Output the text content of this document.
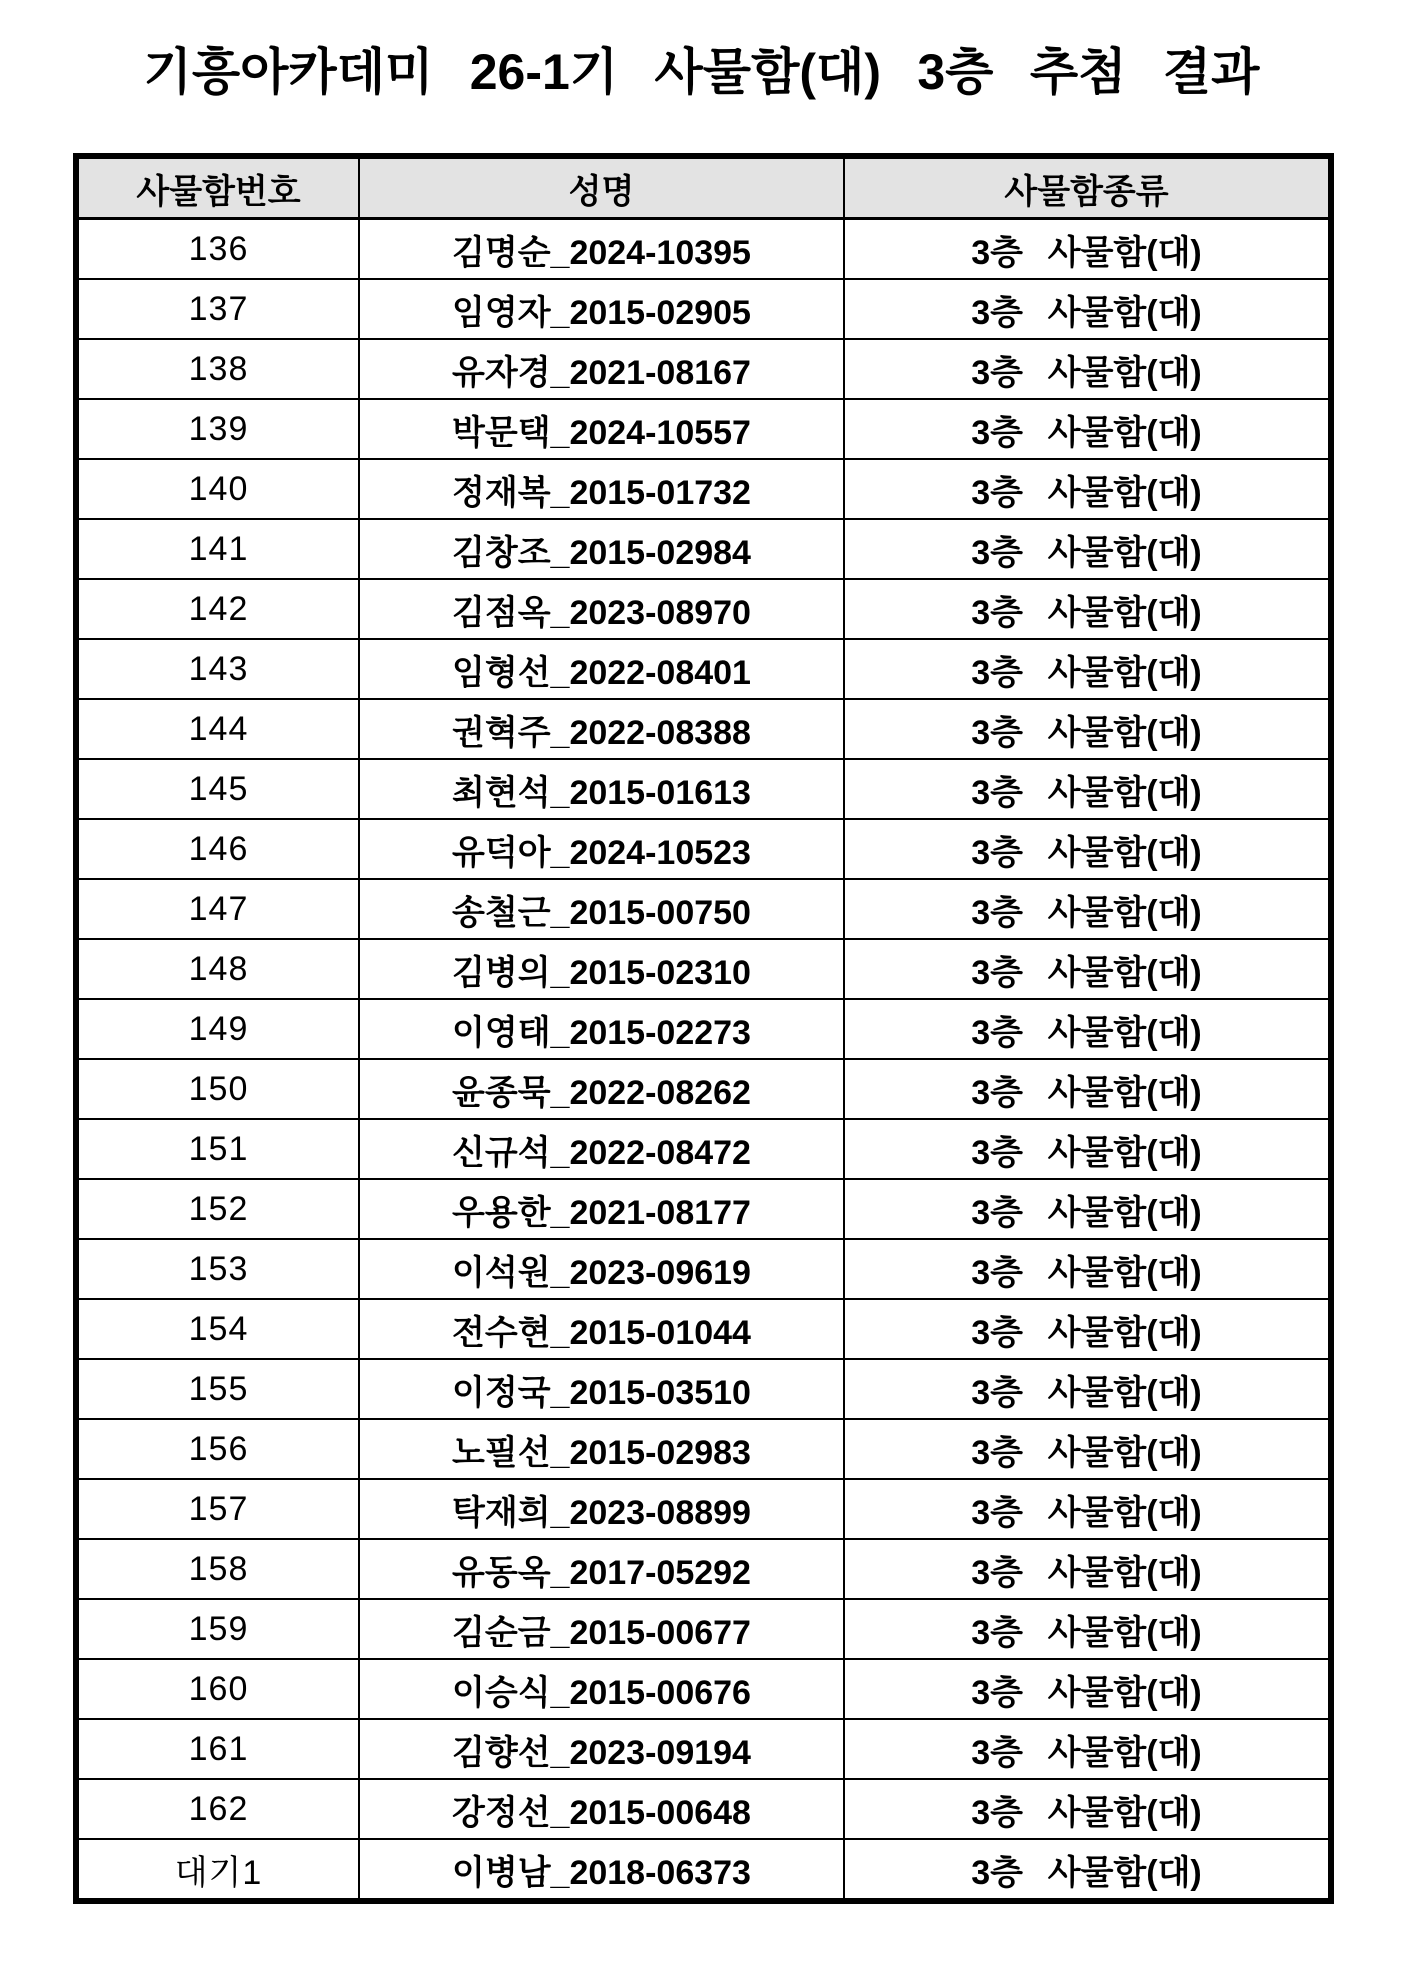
기흥아카데미 26-1기 사물함(대) 3층 추첨 결과
사물함번호	성명	사물함종류
136	김명순_2024-10395	3층 사물함(대)
137	임영자_2015-02905	3층 사물함(대)
138	유자경_2021-08167	3층 사물함(대)
139	박문택_2024-10557	3층 사물함(대)
140	정재복_2015-01732	3층 사물함(대)
141	김창조_2015-02984	3층 사물함(대)
142	김점옥_2023-08970	3층 사물함(대)
143	임형선_2022-08401	3층 사물함(대)
144	권혁주_2022-08388	3층 사물함(대)
145	최현석_2015-01613	3층 사물함(대)
146	유덕아_2024-10523	3층 사물함(대)
147	송철근_2015-00750	3층 사물함(대)
148	김병의_2015-02310	3층 사물함(대)
149	이영태_2015-02273	3층 사물함(대)
150	윤종묵_2022-08262	3층 사물함(대)
151	신규석_2022-08472	3층 사물함(대)
152	우용한_2021-08177	3층 사물함(대)
153	이석원_2023-09619	3층 사물함(대)
154	전수현_2015-01044	3층 사물함(대)
155	이정국_2015-03510	3층 사물함(대)
156	노필선_2015-02983	3층 사물함(대)
157	탁재희_2023-08899	3층 사물함(대)
158	유동옥_2017-05292	3층 사물함(대)
159	김순금_2015-00677	3층 사물함(대)
160	이승식_2015-00676	3층 사물함(대)
161	김향선_2023-09194	3층 사물함(대)
162	강정선_2015-00648	3층 사물함(대)
대기1	이병남_2018-06373	3층 사물함(대)
